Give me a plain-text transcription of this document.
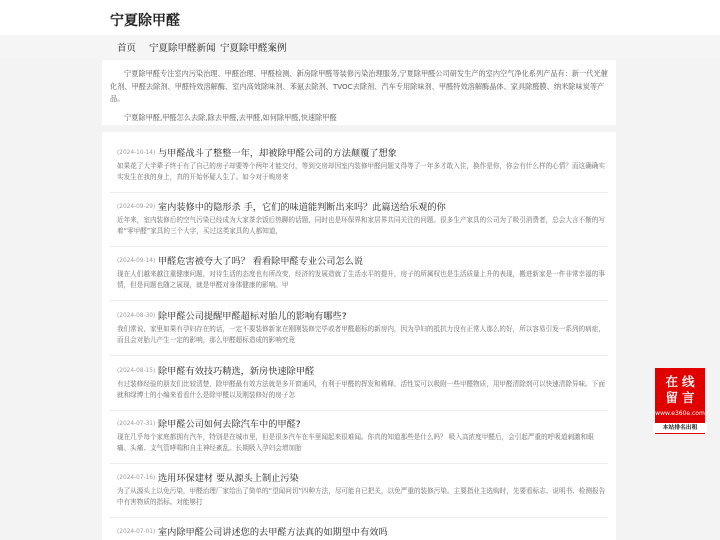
宁夏除甲醛
首页 宁夏除甲醛新闻 宁夏除甲醛案例

宁夏除甲醛专注室内污染治理、甲醛治理、甲醛检测、新房除甲醛等装修污染治理服务,宁夏除甲醛公司研发生产的室内空气净化系列产品有：新一代光催化剂、甲醛去除剂、甲醛特效溶解酶、室内高效除味剂、苯氨去除剂、TVOC去除剂、汽车专用除味剂、甲醛特效溶解酶晶体、家具除醛膜、纳米除味炭等产品。

宁夏除甲醛,甲醛怎么去除,除去甲醛,去甲醛,如何除甲醛,快速除甲醛

(2024-10-14) 与甲醛战斗了整整一年，却被除甲醛公司的方法颠覆了想象
如果花了大半辈子终于有了自己的房子却要等个两年才能交付，等到交房却因室内装修甲醛问题又得等了一年多才敢入住，换作是你，你会有什么样的心情？而这确确实实发生在我的身上，真的开始怀疑人生了。如今对于购房来
(2024-09-29) 室内装修中的隐形杀 手，它们的味道能判断出来吗？此篇送给乐观的你
近年来，室内装修后的空气污染已经成为大家茶余饭后热聊的话题，同时也是环保界和家居界共同关注的问题。很多生产家具的公司为了吸引消费者，总会大言不惭的写着“零甲醛”家具的三个大字，买过这类家具的人都知道，
(2024-09-14) 甲醛危害被夸大了吗？ 看看除甲醛专业公司怎么说
现在人们越来越注重健康问题，对待生活的态度也有所改变，经济的发展造就了生活水平的提升，房子的所属权也是生活质量上升的表现，搬进新家是一件非常幸福的事情，但是问题也随之展现，就是甲醛对身体健康的影响。甲
(2024-08-30) 除甲醛公司提醒甲醛超标对胎儿的影响有哪些?
我们常说，家里如果有孕妇存在的话，一定不要装修新家在刚刚装修完毕或者甲醛超标的新房内，因为孕妇的抵抗力没有正常人那么的好，所以容易引发一系列的病症，而且会对胎儿产生一定的影响，那么甲醛超标造成的影响究竟
(2024-08-15) 除甲醛有效技巧精选，新房快速除甲醛
有过装修经验的朋友们比较清楚，除甲醛最有效方法就是多开窗通风，有利于甲醛的挥发和稀释，活性炭可以吸附一些甲醛物质，用甲醛清除剂可以快速清除异味。下面就和绿博士的小编来看看什么是除甲醛以及刚装修好的房子怎
(2024-07-31) 除甲醛公司如何去除汽车中的甲醛?
现在几乎每个家庭都拥有汽车，特别是在城市里，但是很多汽车在车里闻起来很难闻。你真的知道那些是什么吗？ 吸入高浓度甲醛后，会引起严重的呼吸道刺激和眼痛、头痛、支气管哮喘和自主神经紊乱。长期吸入孕妇会增加胎
(2024-07-16) 选用环保建材 要从源头上制止污染
为了从源头上以免污染，甲醛治理厂家给出了简单的“望闻问切”四种方法，尽可能自已把关，以免严重的装修污染。主要指业主选购时，先要看标志、说明书、检测报告中有害物质的指标。对能够打
(2024-07-01) 室内除甲醛公司讲述您的去甲醛方法真的如期望中有效吗
在线
留言
www.e360e.com
本站排名出租
